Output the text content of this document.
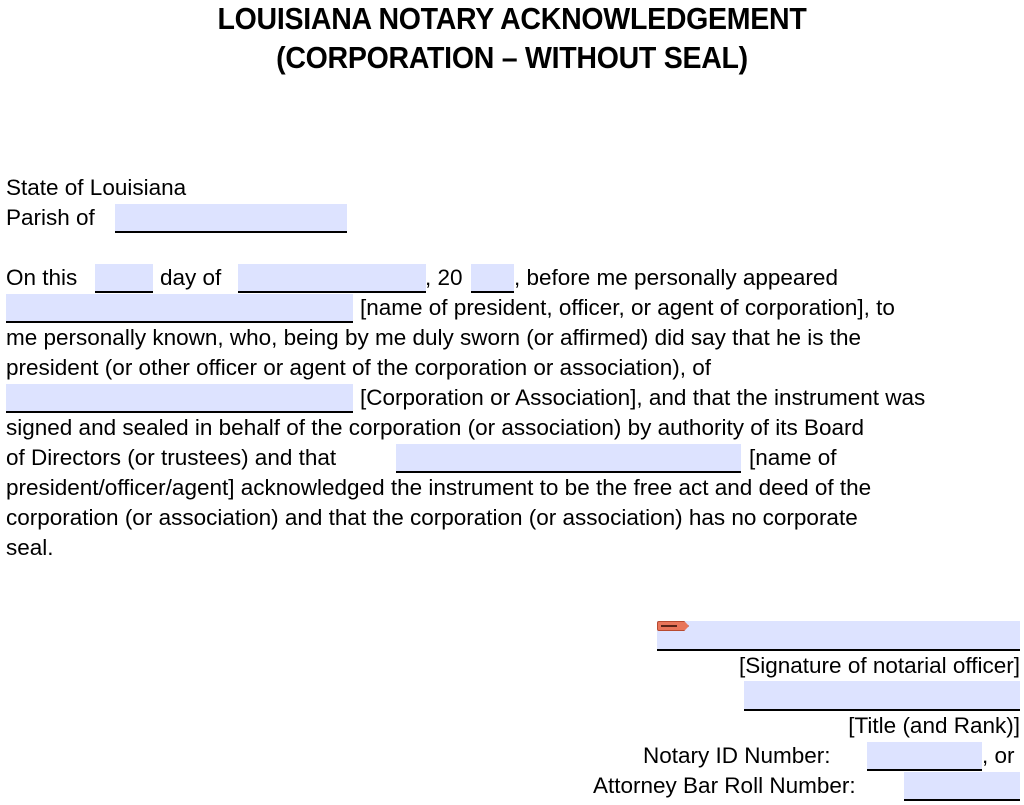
LOUISIANA NOTARY ACKNOWLEDGEMENT
(CORPORATION – WITHOUT SEAL)
State of Louisiana
Parish of
On this	day of	, 20 , before me personally appeared
[name of president, officer, or agent of corporation], to
me personally known, who, being by me duly sworn (or affirmed) did say that he is the
president (or other officer or agent of the corporation or association), of
[Corporation or Association], and that the instrument was
signed and sealed in behalf of the corporation (or association) by authority of its Board
of Directors (or trustees) and that	[name of
president/officer/agent] acknowledged the instrument to be the free act and deed of the
corporation (or association) and that the corporation (or association) has no corporate
seal.
[Signature of notarial officer]
[Title (and Rank)]
Notary ID Number:	, or
Attorney Bar Roll Number:
